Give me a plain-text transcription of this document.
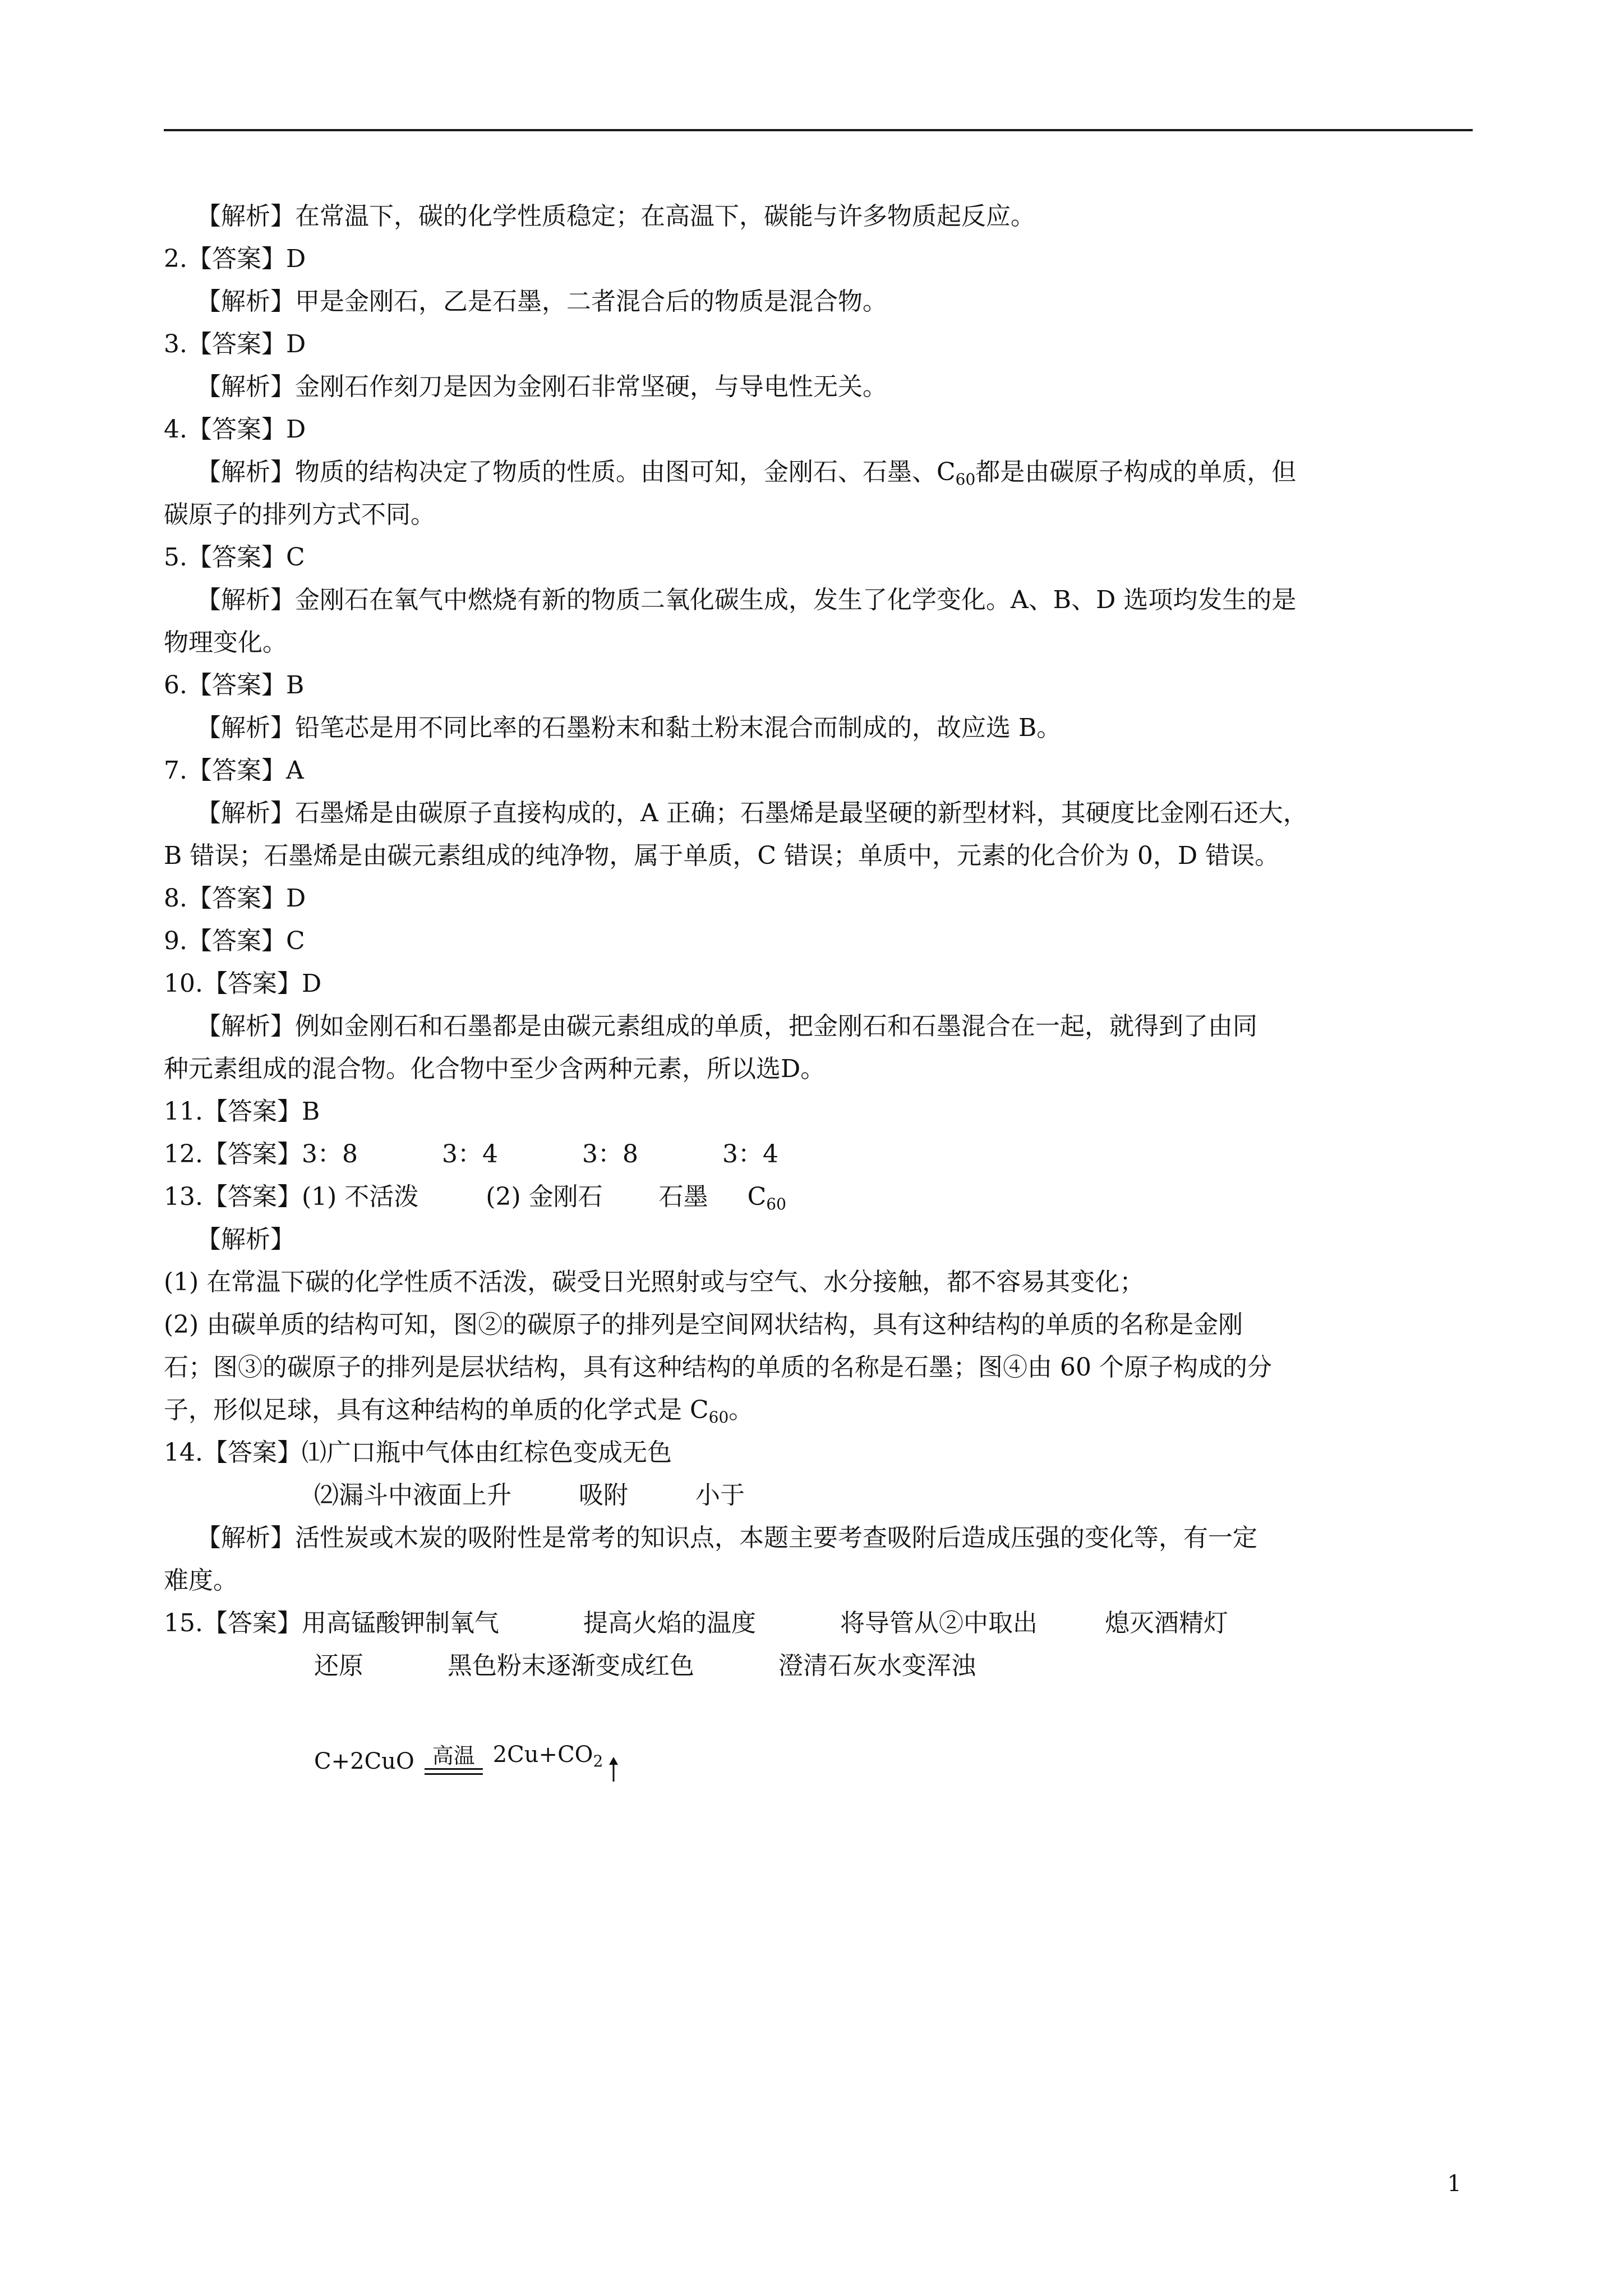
【解析】在常温下，碳的化学性质稳定；在高温下，碳能与许多物质起反应。
2.【答案】D
【解析】甲是金刚石，乙是石墨，二者混合后的物质是混合物。
3.【答案】D
【解析】金刚石作刻刀是因为金刚石非常坚硬，与导电性无关。
4.【答案】D
【解析】物质的结构决定了物质的性质。由图可知，金刚石、石墨、$C_{60}$都是由碳原子构成的单质，但
碳原子的排列方式不同。
5.【答案】C
【解析】金刚石在氧气中燃烧有新的物质二氧化碳生成，发生了化学变化。A、B、D 选项均发生的是
物理变化。
6.【答案】B
【解析】铅笔芯是用不同比率的石墨粉末和黏土粉末混合而制成的，故应选 B。
7.【答案】A
【解析】石墨烯是由碳原子直接构成的，A 正确；石墨烯是最坚硬的新型材料，其硬度比金刚石还大，
B 错误；石墨烯是由碳元素组成的纯净物，属于单质，C 错误；单质中，元素的化合价为 0，D 错误。
8.【答案】D
9.【答案】C
10.【答案】D
【解析】例如金刚石和石墨都是由碳元素组成的单质，把金刚石和石墨混合在一起，就得到了由同
种元素组成的混合物。化合物中至少含两种元素，所以选D。
11.【答案】B
12.【答案】3：8	3：4	3：8	3：4
13.【答案】(1) 不活泼	(2) 金刚石 石墨 $C_{60}$
【解析】
(1) 在常温下碳的化学性质不活泼，碳受日光照射或与空气、水分接触，都不容易其变化；
(2) 由碳单质的结构可知，图②的碳原子的排列是空间网状结构，具有这种结构的单质的名称是金刚
石；图③的碳原子的排列是层状结构，具有这种结构的单质的名称是石墨；图④由 60 个原子构成的分
子，形似足球，具有这种结构的单质的化学式是 $C_{60}$。
14.【答案】⑴广口瓶中气体由红棕色变成无色
⑵漏斗中液面上升	吸附	小于
【解析】活性炭或木炭的吸附性是常考的知识点，本题主要考查吸附后造成压强的变化等，有一定
难度。
15.【答案】用高锰酸钾制氧气	提高火焰的温度	将导管从②中取出	熄灭酒精灯
还原	黑色粉末逐渐变成红色	澄清石灰水变浑浊
C+2CuO 高温 $2Cu+CO_2$
1
